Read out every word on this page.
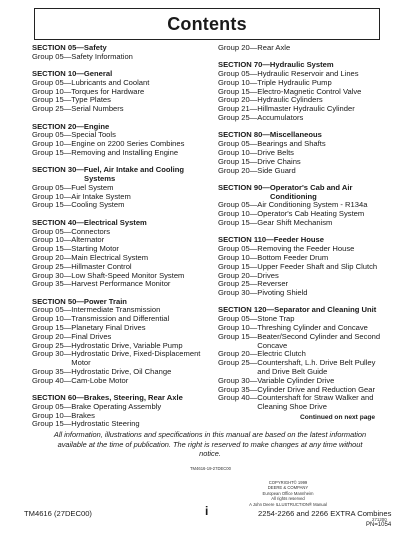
Contents
SECTION 05—Safety
Group 05 — Safety Information
SECTION 10—General
Group 05 — Lubricants and Coolant
Group 10 — Torques for Hardware
Group 15 — Type Plates
Group 25 — Serial Numbers
SECTION 20—Engine
Group 05 — Special Tools
Group 10 — Engine on 2200 Series Combines
Group 15 — Removing and Installing Engine
SECTION 30—Fuel, Air Intake and Cooling
Systems
Group 05 — Fuel System
Group 10 — Air Intake System
Group 15 — Cooling System
SECTION 40—Electrical System
Group 05 — Connectors
Group 10 — Alternator
Group 15 — Starting Motor
Group 20 — Main Electrical System
Group 25 — Hillmaster Control
Group 30 — Low Shaft-Speed Monitor System
Group 35 — Harvest Performance Monitor
SECTION 50—Power Train
Group 05 — Intermediate Transmission
Group 10 — Transmission and Differential
Group 15 — Planetary Final Drives
Group 20 — Final Drives
Group 25 — Hydrostatic Drive, Variable Pump
Group 30 — Hydrostatic Drive, Fixed-Displacement
Motor
Group 35 — Hydrostatic Drive, Oil Change
Group 40 — Cam-Lobe Motor
SECTION 60—Brakes, Steering, Rear Axle
Group 05 — Brake Operating Assembly
Group 10 — Brakes
Group 15 — Hydrostatic Steering
Group 20 — Rear Axle
SECTION 70—Hydraulic System
Group 05 — Hydraulic Reservoir and Lines
Group 10 — Triple Hydraulic Pump
Group 15 — Electro-Magnetic Control Valve
Group 20 — Hydraulic Cylinders
Group 21 — Hillmaster Hydraulic Cylinder
Group 25 — Accumulators
SECTION 80—Miscellaneous
Group 05 — Bearings and Shafts
Group 10 — Drive Belts
Group 15 — Drive Chains
Group 20 — Side Guard
SECTION 90—Operator's Cab and Air
Conditioning
Group 05 — Air Conditioning System - R134a
Group 10 — Operator's Cab Heating System
Group 15 — Gear Shift Mechanism
SECTION 110—Feeder House
Group 05 — Removing the Feeder House
Group 10 — Bottom Feeder Drum
Group 15 — Upper Feeder Shaft and Slip Clutch
Group 20 — Drives
Group 25 — Reverser
Group 30 — Pivoting Shield
SECTION 120—Separator and Cleaning Unit
Group 05 — Stone Trap
Group 10 — Threshing Cylinder and Concave
Group 15 — Beater/Second Cylinder and Second
Concave
Group 20 — Electric Clutch
Group 25 — Countershaft, L.h. Drive Belt Pulley
and Drive Belt Guide
Group 30 — Variable Cylinder Drive
Group 35 — Cylinder Drive and Reduction Gear
Group 40 — Countershaft for Straw Walker and
Cleaning Shoe Drive
Continued on next page
All information, illustrations and specifications in this manual are based on the latest information available at the time of publication. The right is reserved to make changes at any time without notice.
TM4616-19-27DEC00
COPYRIGHT© 1999
DEERE & COMPANY
European Office Mannheim
All rights reserved
A John Deere ILLUSTRUCTION® Manual
TM4616 (27DEC00)	i	2254-2266 and 2266 EXTRA Combines
271200
PN=1054
